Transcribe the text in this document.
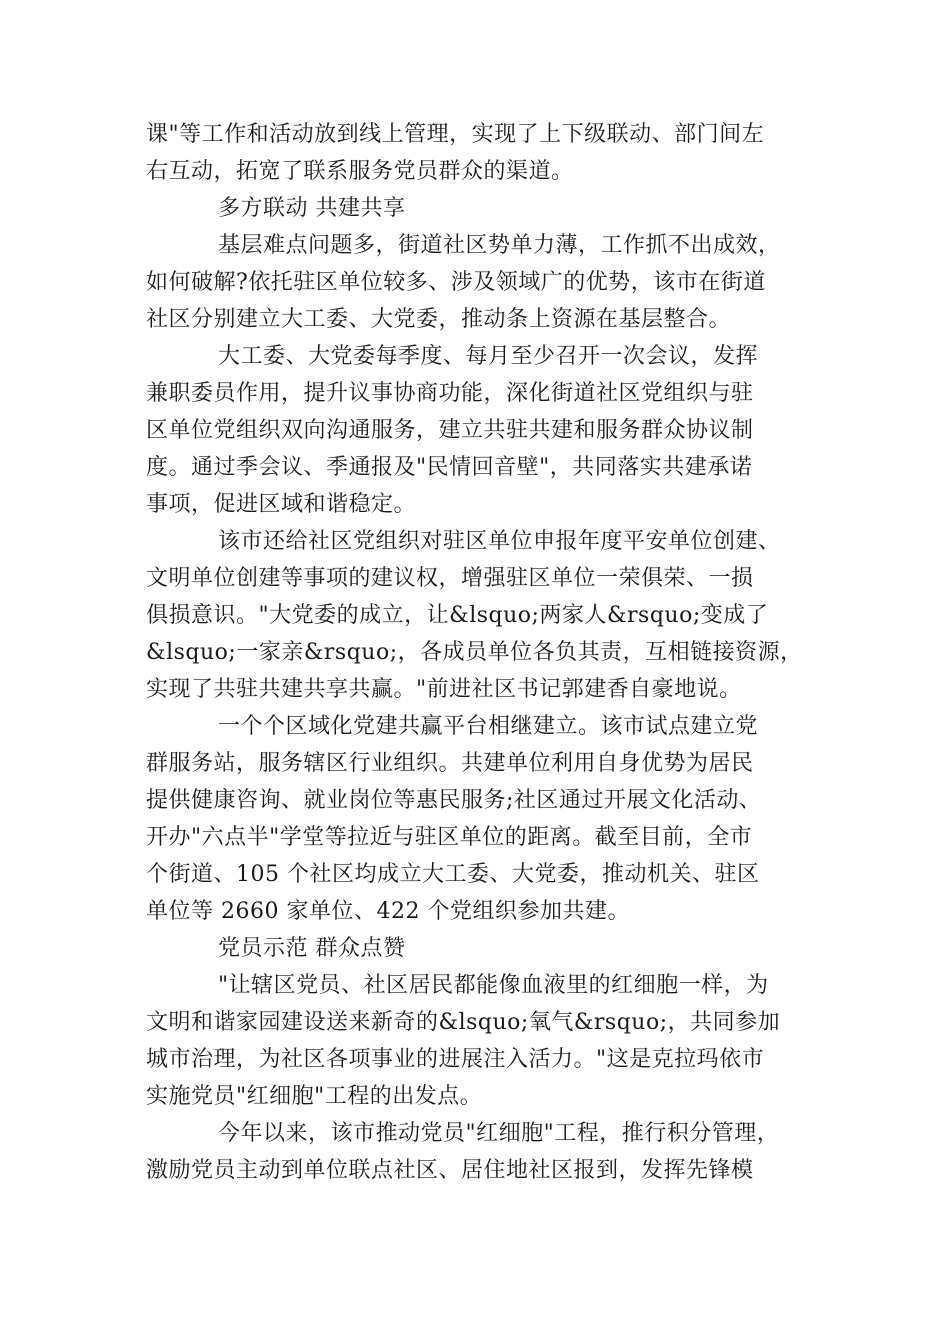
课"等工作和活动放到线上管理，实现了上下级联动、部门间左
右互动，拓宽了联系服务党员群众的渠道。
多方联动 共建共享
基层难点问题多，街道社区势单力薄，工作抓不出成效，
如何破解?依托驻区单位较多、涉及领域广的优势，该市在街道
社区分别建立大工委、大党委，推动条上资源在基层整合。
大工委、大党委每季度、每月至少召开一次会议，发挥
兼职委员作用，提升议事协商功能，深化街道社区党组织与驻
区单位党组织双向沟通服务，建立共驻共建和服务群众协议制
度。通过季会议、季通报及"民情回音壁"，共同落实共建承诺
事项，促进区域和谐稳定。
该市还给社区党组织对驻区单位申报年度平安单位创建、
文明单位创建等事项的建议权，增强驻区单位一荣俱荣、一损
俱损意识。"大党委的成立，让&lsquo;两家人&rsquo;变成了
&lsquo;一家亲&rsquo;，各成员单位各负其责，互相链接资源，
实现了共驻共建共享共赢。"前进社区书记郭建香自豪地说。
一个个区域化党建共赢平台相继建立。该市试点建立党
群服务站，服务辖区行业组织。共建单位利用自身优势为居民
提供健康咨询、就业岗位等惠民服务;社区通过开展文化活动、
开办"六点半"学堂等拉近与驻区单位的距离。截至目前，全市
个街道、105 个社区均成立大工委、大党委，推动机关、驻区
单位等 2660 家单位、422 个党组织参加共建。
党员示范 群众点赞
"让辖区党员、社区居民都能像血液里的红细胞一样，为
文明和谐家园建设送来新奇的&lsquo;氧气&rsquo;，共同参加
城市治理，为社区各项事业的进展注入活力。"这是克拉玛依市
实施党员"红细胞"工程的出发点。
今年以来，该市推动党员"红细胞"工程，推行积分管理，
激励党员主动到单位联点社区、居住地社区报到，发挥先锋模
